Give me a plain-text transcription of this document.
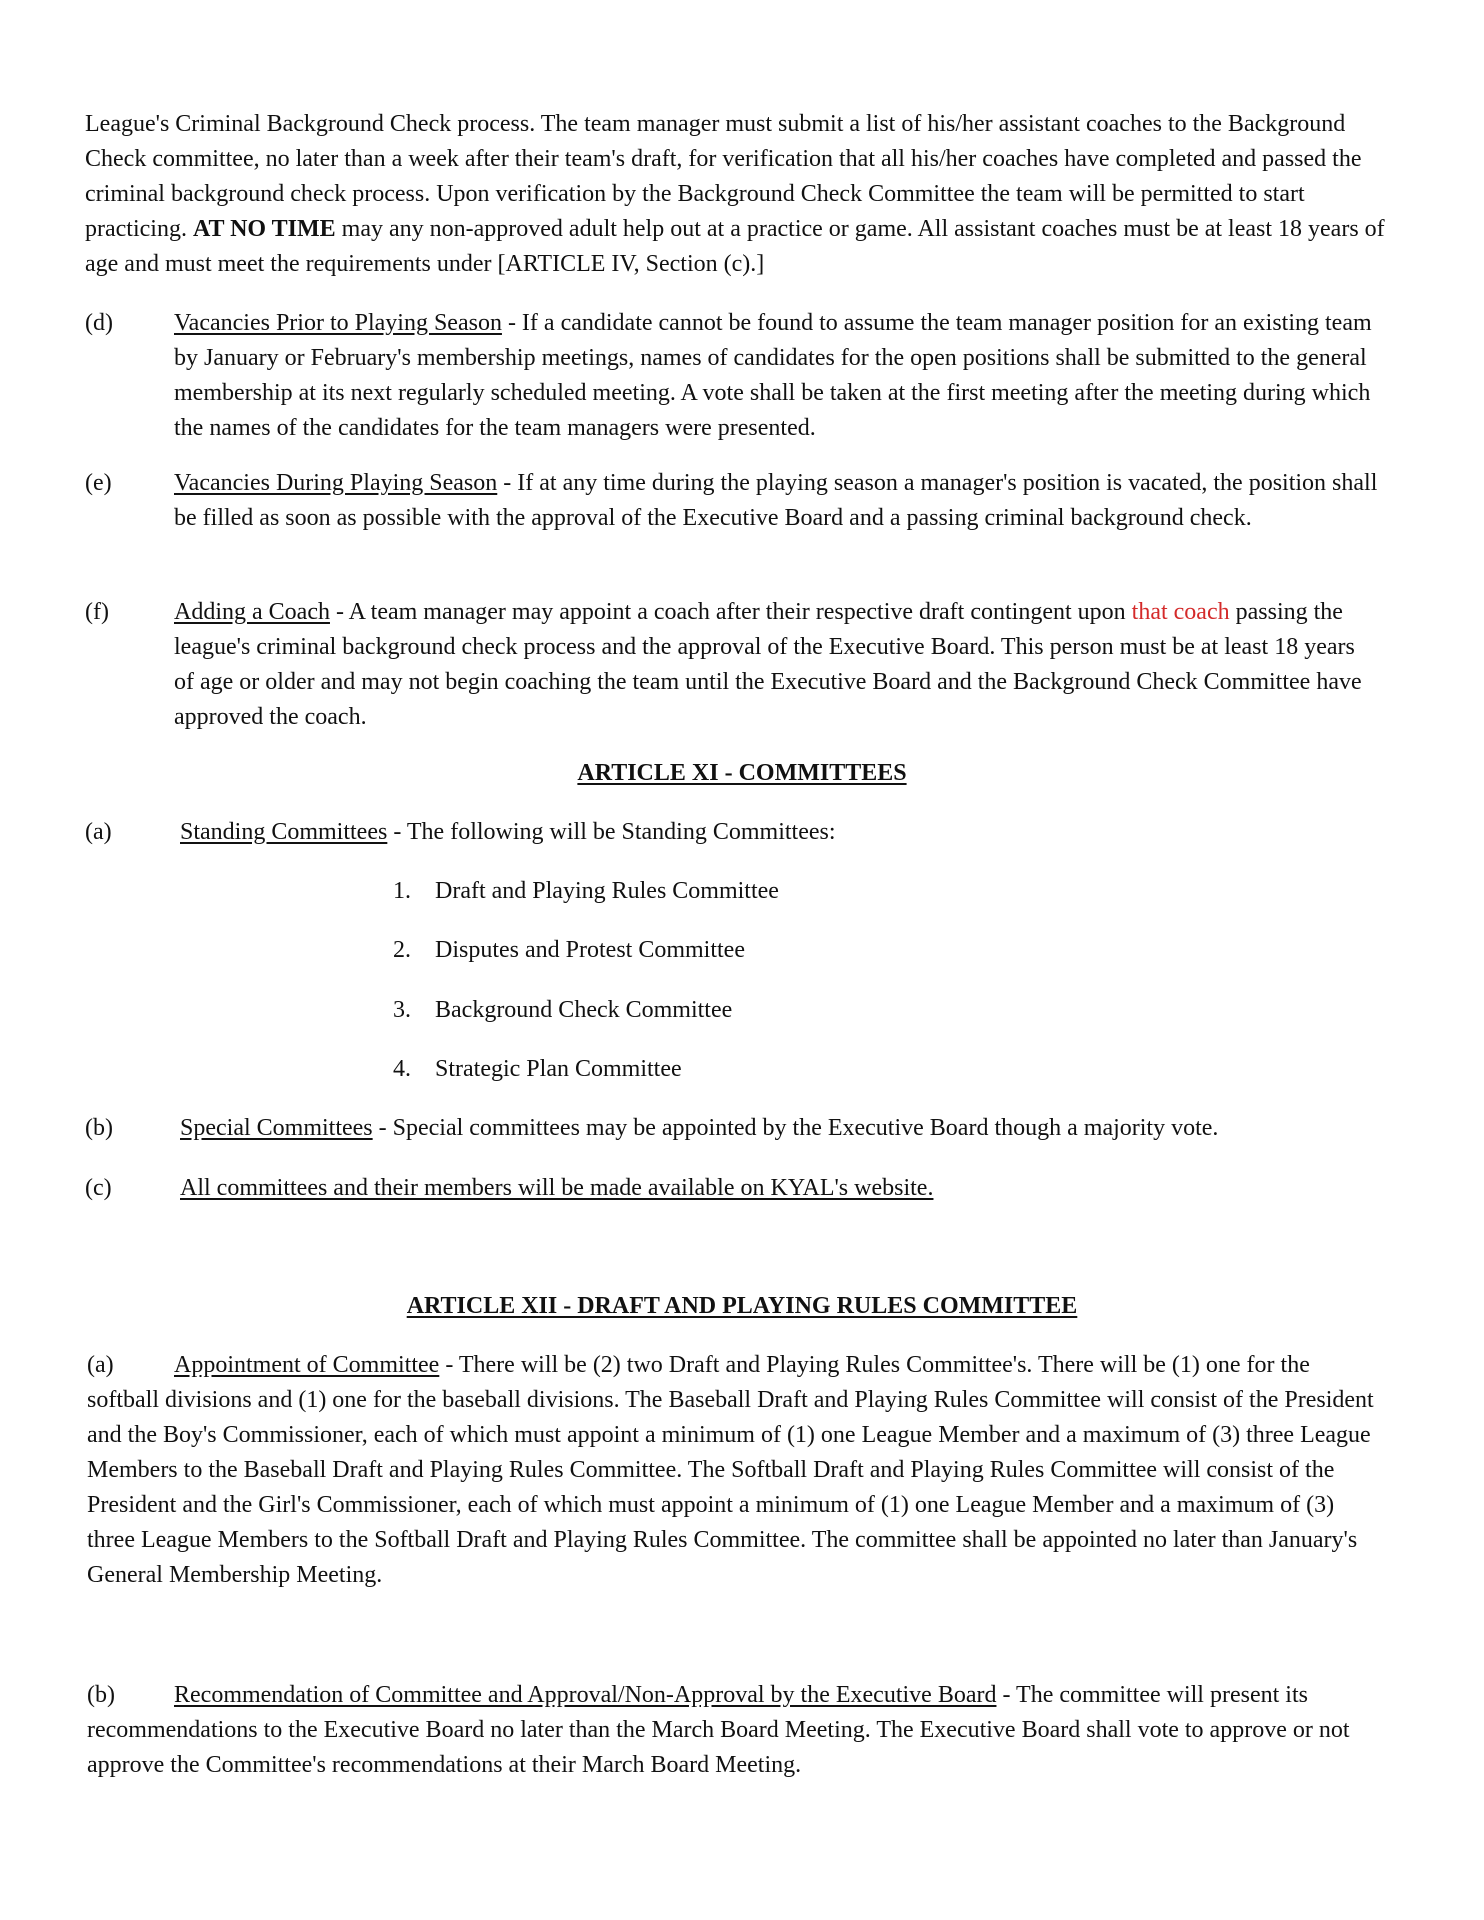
League's Criminal Background Check process. The team manager must submit a list of his/her assistant coaches to the Background Check committee, no later than a week after their team's draft, for verification that all his/her coaches have completed and passed the criminal background check process. Upon verification by the Background Check Committee the team will be permitted to start practicing. AT NO TIME may any non-approved adult help out at a practice or game. All assistant coaches must be at least 18 years of age and must meet the requirements under [ARTICLE IV, Section (c).]

(d)	Vacancies Prior to Playing Season - If a candidate cannot be found to assume the team manager position for an existing team by January or February's membership meetings, names of candidates for the open positions shall be submitted to the general membership at its next regularly scheduled meeting. A vote shall be taken at the first meeting after the meeting during which the names of the candidates for the team managers were presented.

(e)	Vacancies During Playing Season - If at any time during the playing season a manager's position is vacated, the position shall be filled as soon as possible with the approval of the Executive Board and a passing criminal background check.

(f)	Adding a Coach - A team manager may appoint a coach after their respective draft contingent upon that coach passing the league's criminal background check process and the approval of the Executive Board. This person must be at least 18 years of age or older and may not begin coaching the team until the Executive Board and the Background Check Committee have approved the coach.

ARTICLE XI - COMMITTEES
(a)	Standing Committees - The following will be Standing Committees:

1. Draft and Playing Rules Committee
2. Disputes and Protest Committee
3. Background Check Committee
4. Strategic Plan Committee
(b)	Special Committees - Special committees may be appointed by the Executive Board though a majority vote.

(c)	All committees and their members will be made available on KYAL's website.

ARTICLE XII - DRAFT AND PLAYING RULES COMMITTEE

(a)	Appointment of Committee - There will be (2) two Draft and Playing Rules Committee's. There will be (1) one for the softball divisions and (1) one for the baseball divisions. The Baseball Draft and Playing Rules Committee will consist of the President and the Boy's Commissioner, each of which must appoint a minimum of (1) one League Member and a maximum of (3) three League Members to the Baseball Draft and Playing Rules Committee. The Softball Draft and Playing Rules Committee will consist of the President and the Girl's Commissioner, each of which must appoint a minimum of (1) one League Member and a maximum of (3) three League Members to the Softball Draft and Playing Rules Committee. The committee shall be appointed no later than January's General Membership Meeting.

(b) Recommendation of Committee and Approval/Non-Approval by the Executive Board - The committee will present its recommendations to the Executive Board no later than the March Board Meeting. The Executive Board shall vote to approve or not approve the Committee's recommendations at their March Board Meeting.
